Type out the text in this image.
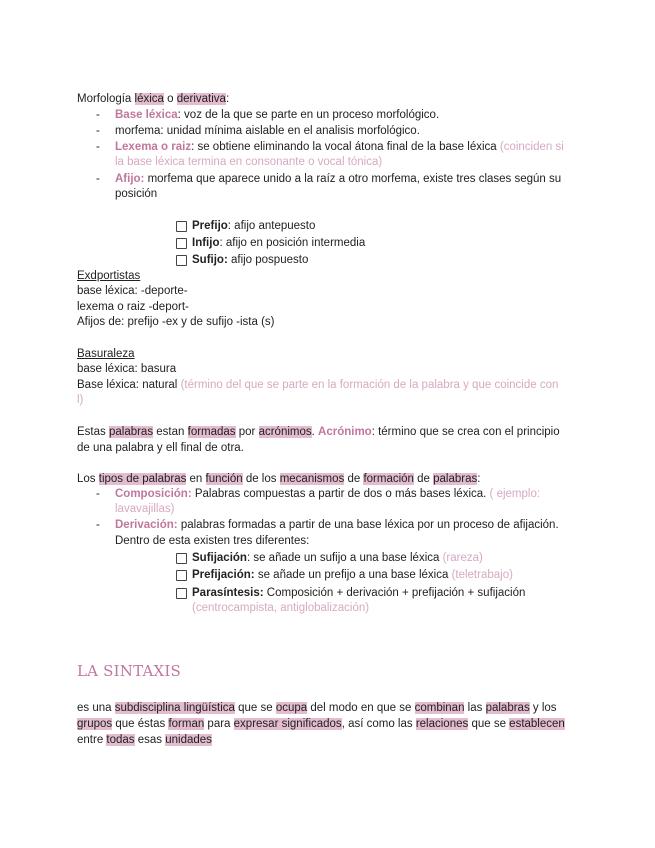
Morfología léxica o derivativa:
- Base léxica: voz de la que se parte en un proceso morfológico.
- morfema: unidad mínima aislable en el analisis morfológico.
- Lexema o raiz: se obtiene eliminando la vocal átona final de la base léxica (coinciden si
la base léxica termina en consonante o vocal tónica)
- Afijo: morfema que aparece unido a la raíz a otro morfema, existe tres clases según su
posición
Prefijo: afijo antepuesto
Infijo: afijo en posición intermedia
Sufijo: afijo pospuesto
Exdportistas
base léxica: -deporte-
lexema o raiz -deport-
Afijos de: prefijo -ex y de sufijo -ista (s)
Basuraleza
base léxica: basura
Base léxica: natural (término del que se parte en la formación de la palabra y que coincide con
l)
Estas palabras estan formadas por acrónimos. Acrónimo: término que se crea con el principio
de una palabra y ell final de otra.
Los tipos de palabras en función de los mecanismos de formación de palabras:
- Composición: Palabras compuestas a partir de dos o más bases léxica. ( ejemplo:
lavavajillas)
- Derivación: palabras formadas a partir de una base léxica por un proceso de afijación.
Dentro de esta existen tres diferentes:
Sufijación: se añade un sufijo a una base léxica (rareza)
Prefijación: se añade un prefijo a una base léxica (teletrabajo)
Parasíntesis: Composición + derivación + prefijación + sufijación
(centrocampista, antiglobalización)
LA SINTAXIS
es una subdisciplina lingüística que se ocupa del modo en que se combinan las palabras y los
grupos que éstas forman para expresar significados, así como las relaciones que se establecen
entre todas esas unidades
